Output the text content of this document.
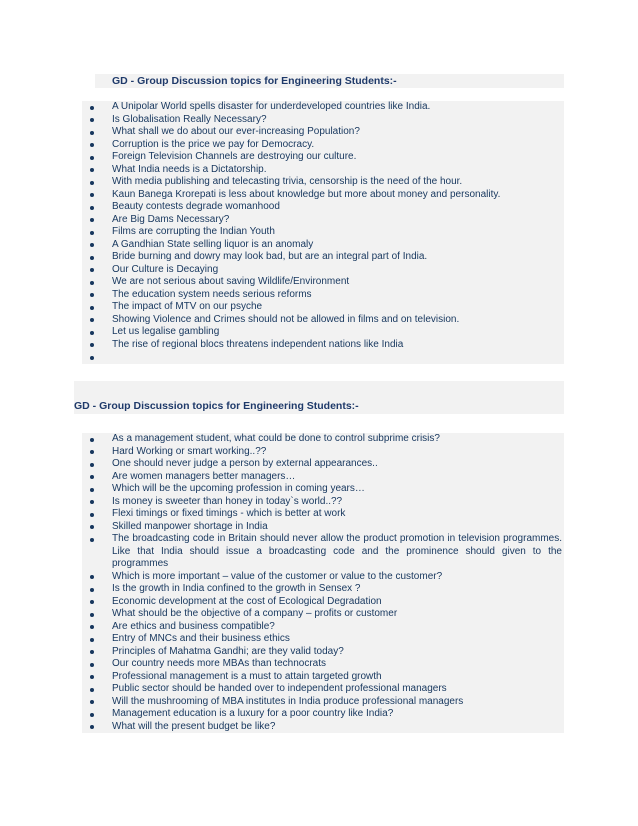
GD - Group Discussion topics for Engineering Students:-
A Unipolar World spells disaster for underdeveloped countries like India.
Is Globalisation Really Necessary?
What shall we do about our ever-increasing Population?
Corruption is the price we pay for Democracy.
Foreign Television Channels are destroying our culture.
What India needs is a Dictatorship.
With media publishing and telecasting trivia, censorship is the need of the hour.
Kaun Banega Krorepati is less about knowledge but more about money and personality.
Beauty contests degrade womanhood
Are Big Dams Necessary?
Films are corrupting the Indian Youth
A Gandhian State selling liquor is an anomaly
Bride burning and dowry may look bad, but are an integral part of India.
Our Culture is Decaying
We are not serious about saving Wildlife/Environment
The education system needs serious reforms
The impact of MTV on our psyche
Showing Violence and Crimes should not be allowed in films and on television.
Let us legalise gambling
The rise of regional blocs threatens independent nations like India
GD - Group Discussion topics for Engineering Students:-
As a management student, what could be done to control subprime crisis?
Hard Working or smart working..??
One should never judge a person by external appearances..
Are women managers better managers…
Which will be the upcoming profession in coming years…
Is money is sweeter than honey in today`s world..??
Flexi timings or fixed timings - which is better at work
Skilled manpower shortage in India
The broadcasting code in Britain should never allow the product promotion in television programmes. Like that India should issue a broadcasting code and the prominence should given to the programmes
Which is more important – value of the customer or value to the customer?
Is the growth in India confined to the growth in Sensex ?
Economic development at the cost of Ecological Degradation
What should be the objective of a company – profits or customer
Are ethics and business compatible?
Entry of MNCs and their business ethics
Principles of Mahatma Gandhi; are they valid today?
Our country needs more MBAs than technocrats
Professional management is a must to attain targeted growth
Public sector should be handed over to independent professional managers
Will the mushrooming of MBA institutes in India produce professional managers
Management education is a luxury for a poor country like India?
What will the present budget be like?
